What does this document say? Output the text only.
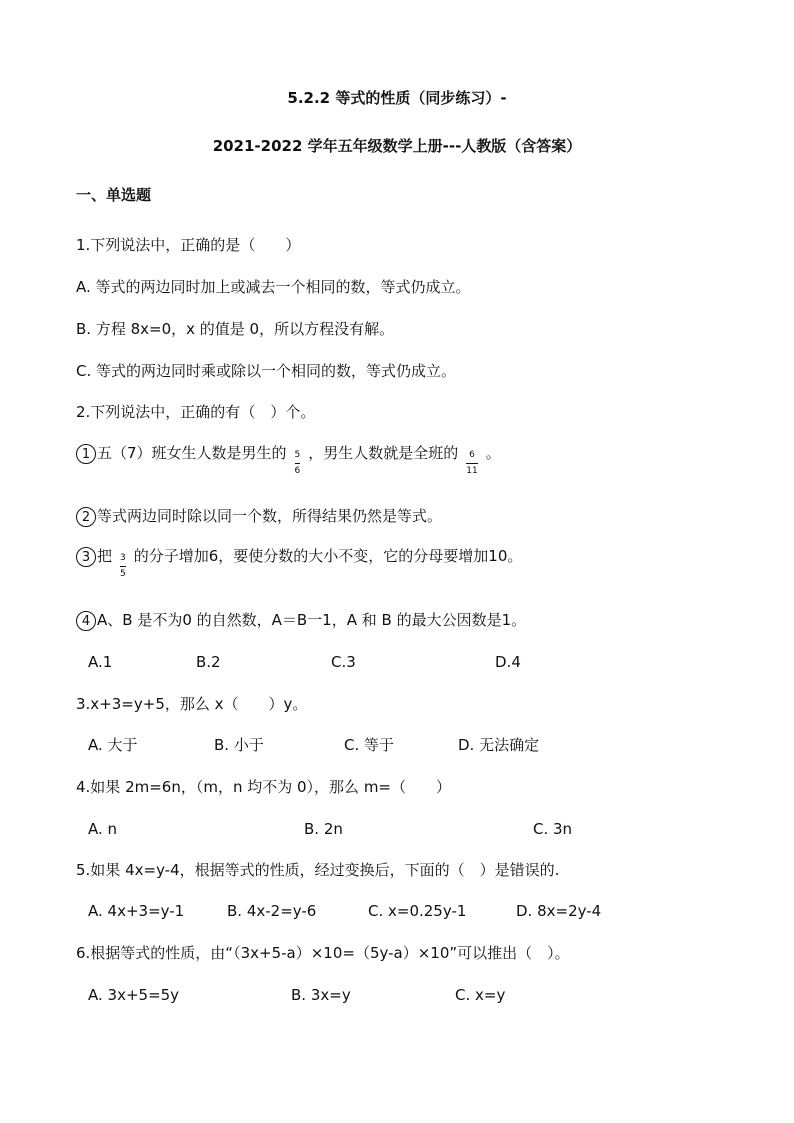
5.2.2 等式的性质（同步练习）-
2021-2022 学年五年级数学上册---人教版（含答案）
一、单选题
1.下列说法中，正确的是（　　）
A. 等式的两边同时加上或减去一个相同的数，等式仍成立。
B. 方程 8x=0，x 的值是 0，所以方程没有解。
C. 等式的两边同时乘或除以一个相同的数，等式仍成立。
2.下列说法中，正确的有（　）个。
1 五（7）班女生人数是男生的 $\frac{5}{6}$ ，男生人数就是全班的 $\frac{6}{11}$ 。
2 等式两边同时除以同一个数，所得结果仍然是等式。
3 把 $\frac{3}{5}$ 的分子增加6，要使分数的大小不变，它的分母要增加10。
4 A、B 是不为0 的自然数，A＝B一1，A 和 B 的最大公因数是1。
A.1	B.2	C.3	D.4
3.x+3=y+5，那么 x（　　）y。
A. 大于	B. 小于	C. 等于	D. 无法确定
4.如果 2m=6n，（m，n 均不为 0），那么 m=（　　）
A. n	B. 2n	C. 3n
5.如果 4x=y-4，根据等式的性质，经过变换后，下面的（　）是错误的.
A. 4x+3=y-1	B. 4x-2=y-6	C. x=0.25y-1	D. 8x=2y-4
6.根据等式的性质，由“（3x+5-a）×10=（5y-a）×10”可以推出（　）。
A. 3x+5=5y	B. 3x=y	C. x=y
